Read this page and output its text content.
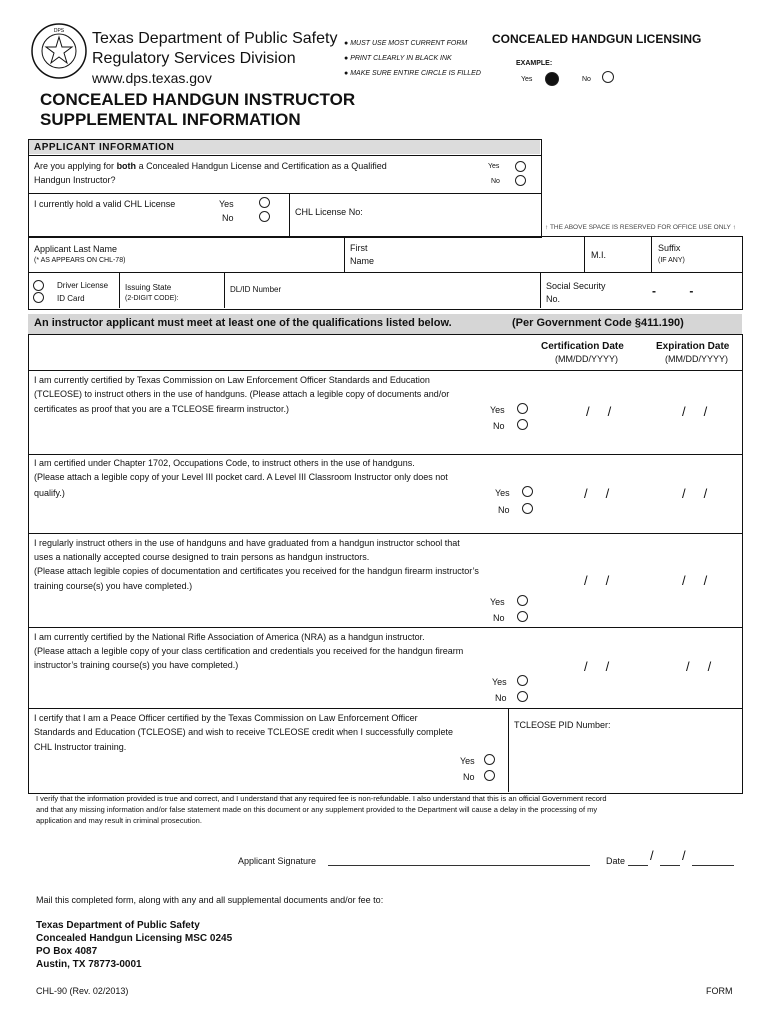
DPS Texas Department of Public Safety
Regulatory Services Division
www.dps.texas.gov
● MUST USE MOST CURRENT FORM
● PRINT CLEARLY IN BLACK INK
● MAKE SURE ENTIRE CIRCLE IS FILLED
CONCEALED HANDGUN LICENSING
EXAMPLE:
Yes	No
CONCEALED HANDGUN INSTRUCTOR
SUPPLEMENTAL INFORMATION
APPLICANT INFORMATION
Are you applying for both a Concealed Handgun License and Certification as a Qualified
Handgun Instructor?
Yes
No
I currently hold a valid CHL License	Yes
No
CHL License No:
↑ THE ABOVE SPACE IS RESERVED FOR OFFICE USE ONLY ↑
Applicant Last Name
(* AS APPEARS ON CHL-78)
First
Name
M.I.
Suffix
(IF ANY)
Driver License
ID Card
Issuing State
(2-DIGIT CODE):
DL/ID Number	Social Security
No.
-          -
An instructor applicant must meet at least one of the qualifications listed below.	(Per Government Code §411.190)
Certification Date
(MM/DD/YYYY)
Expiration Date
(MM/DD/YYYY)
I am currently certified by Texas Commission on Law Enforcement Officer Standards and Education
(TCLEOSE) to instruct others in the use of handguns. (Please attach a legible copy of documents and/or
certificates as proof that you are a TCLEOSE firearm instructor.)	Yes
No
/     /	/     /
I am certified under Chapter 1702, Occupations Code, to instruct others in the use of handguns.
(Please attach a legible copy of your Level III pocket card. A Level III Classroom Instructor only does not
qualify.)	Yes
No
/     /	/     /
I regularly instruct others in the use of handguns and have graduated from a handgun instructor school that
uses a nationally accepted course designed to train persons as handgun instructors.
(Please attach legible copies of documentation and certificates you received for the handgun firearm instructor’s
training course(s) you have completed.)
Yes
No
/     /	/     /
I am currently certified by the National Rifle Association of America (NRA) as a handgun instructor.
(Please attach a legible copy of your class certification and credentials you received for the handgun firearm
instructor’s training course(s) you have completed.)
Yes
No
/     /	/     /
I certify that I am a Peace Officer certified by the Texas Commission on Law Enforcement Officer
Standards and Education (TCLEOSE) and wish to receive TCLEOSE credit when I successfully complete
CHL Instructor training.
Yes
No
TCLEOSE PID Number:
I verify that the information provided is true and correct, and I understand that any required fee is non-refundable. I also understand that this is an official Government record
and that any missing information and/or false statement made on this document or any supplement provided to the Department will cause a delay in the processing of my
application and may result in criminal prosecution.
Applicant Signature	Date / /
Mail this completed form, along with any and all supplemental documents and/or fee to:
Texas Department of Public Safety
Concealed Handgun Licensing MSC 0245
PO Box 4087
Austin, TX 78773-0001
CHL-90 (Rev. 02/2013)	FORM
